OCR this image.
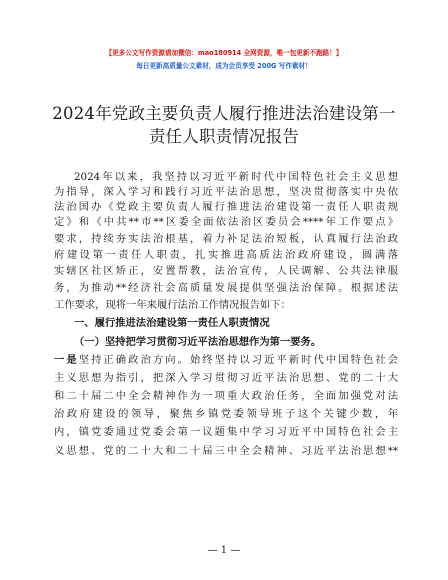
【更多公文写作资源请加微信：mao180914 全网资源，唯一包更新不跑路！】
每日更新高质量公文素材，成为会员享受 200G 写作素材！
2024年党政主要负责人履行推进法治建设第一
责任人职责情况报告
2024年以来，我坚持以习近平新时代中国特色社会主义思想
为指导，深入学习和践行习近平法治思想，坚决贯彻落实中央依
法治国办《党政主要负责人履行推进法治建设第一责任人职责规
定》和《中共**市**区委全面依法治区委员会****年工作要点》
要求，持续夯实法治根基，着力补足法治短板，认真履行法治政
府建设第一责任人职责，扎实推进高质法治政府建设，圆满落
实辖区社区矫正，安置帮教，法治宣传，人民调解、公共法律服
务，为推动**经济社会高质量发展提供坚强法治保障。根据述法
工作要求，现将一年来履行法治工作情况报告如下：
一、履行推进法治建设第一责任人职责情况
（一）坚持把学习贯彻习近平法治思想作为第一要务。
一是坚持正确政治方向。始终坚持以习近平新时代中国特色社会
主义思想为指引，把深入学习贯彻习近平法治思想、党的二十大
和二十届二中全会精神作为一项重大政治任务，全面加强党对法
治政府建设的领导，聚焦乡镇党委领导班子这个关键少数，年
内，镇党委通过党委会第一议题集中学习习近平中国特色社会主
义思想、党的二十大和二十届三中全会精神、习近平法治思想**
— 1 —
